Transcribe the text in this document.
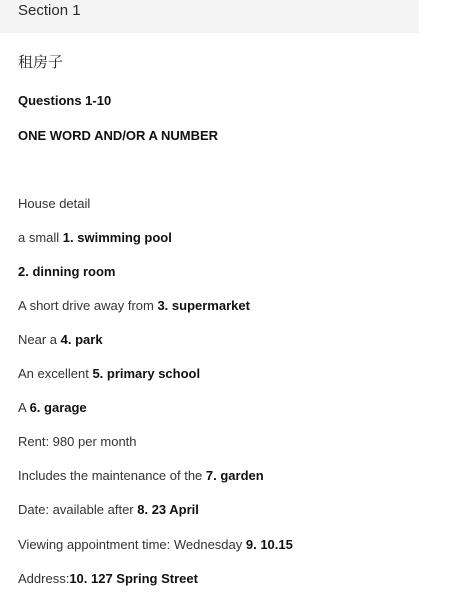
Section 1
租房子
Questions 1-10
ONE WORD AND/OR A NUMBER
House detail
a small 1. swimming pool
2. dinning room
A short drive away from 3. supermarket
Near a 4. park
An excellent 5. primary school
A 6. garage
Rent: 980 per month
Includes the maintenance of the 7. garden
Date: available after 8. 23 April
Viewing appointment time: Wednesday 9. 10.15
Address:10. 127 Spring Street
